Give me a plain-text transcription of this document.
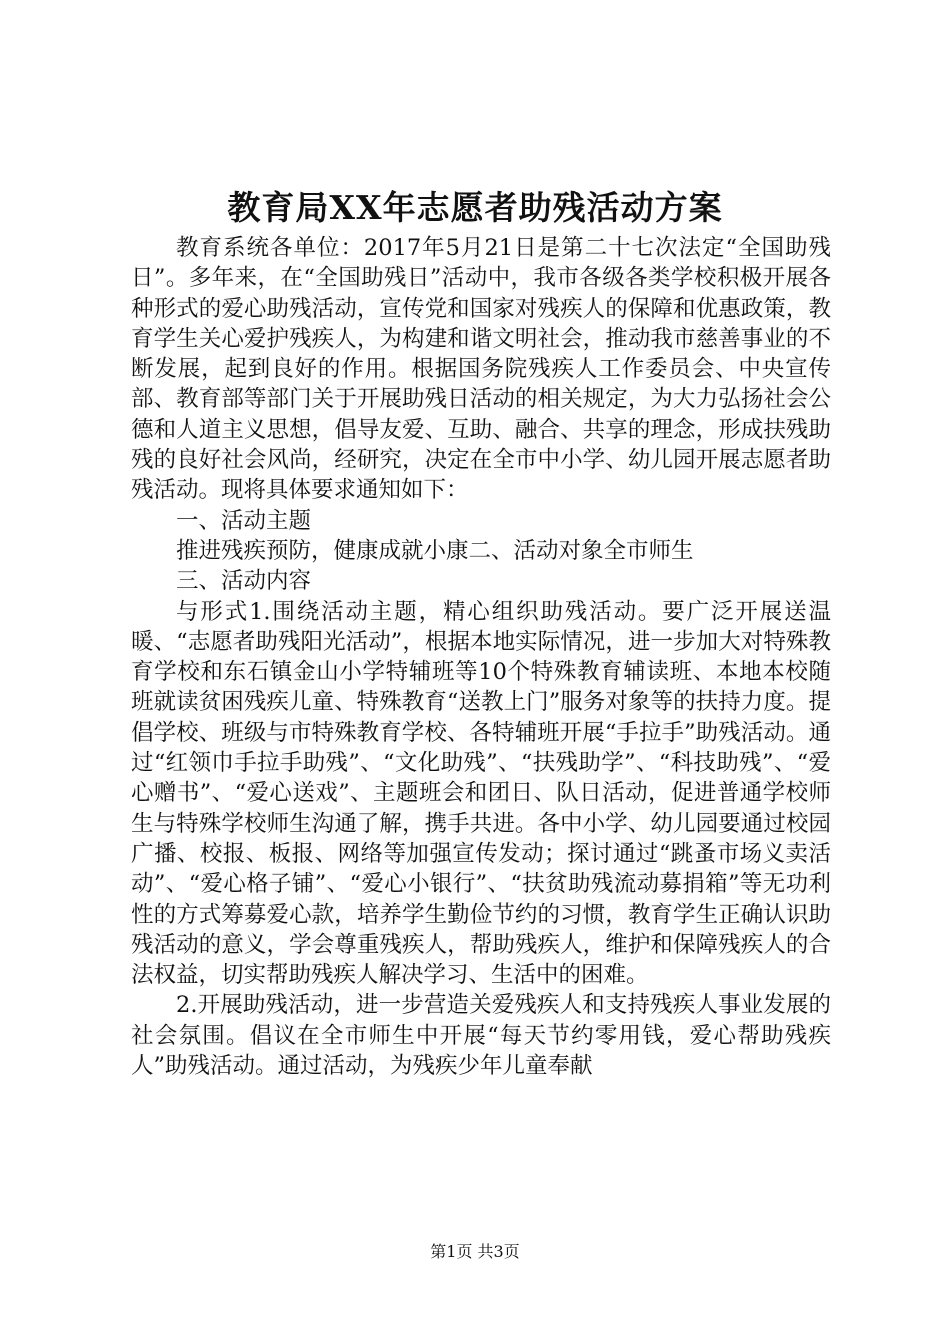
教育局XX年志愿者助残活动方案

教育系统各单位：2017年5月21日是第二十七次法定“全国助残日”。多年来，在“全国助残日”活动中，我市各级各类学校积极开展各种形式的爱心助残活动，宣传党和国家对残疾人的保障和优惠政策，教育学生关心爱护残疾人，为构建和谐文明社会，推动我市慈善事业的不断发展，起到良好的作用。根据国务院残疾人工作委员会、中央宣传部、教育部等部门关于开展助残日活动的相关规定，为大力弘扬社会公德和人道主义思想，倡导友爱、互助、融合、共享的理念，形成扶残助残的良好社会风尚，经研究，决定在全市中小学、幼儿园开展志愿者助残活动。现将具体要求通知如下：

一、活动主题

推进残疾预防，健康成就小康二、活动对象全市师生

三、活动内容

与形式1.围绕活动主题，精心组织助残活动。要广泛开展送温暖、“志愿者助残阳光活动”，根据本地实际情况，进一步加大对特殊教育学校和东石镇金山小学特辅班等10个特殊教育辅读班、本地本校随班就读贫困残疾儿童、特殊教育“送教上门”服务对象等的扶持力度。提倡学校、班级与市特殊教育学校、各特辅班开展“手拉手”助残活动。通过“红领巾手拉手助残”、“文化助残”、“扶残助学”、“科技助残”、“爱心赠书”、“爱心送戏”、主题班会和团日、队日活动，促进普通学校师生与特殊学校师生沟通了解，携手共进。各中小学、幼儿园要通过校园广播、校报、板报、网络等加强宣传发动；探讨通过“跳蚤市场义卖活动”、“爱心格子铺”、“爱心小银行”、“扶贫助残流动募捐箱”等无功利性的方式筹募爱心款，培养学生勤俭节约的习惯，教育学生正确认识助残活动的意义，学会尊重残疾人，帮助残疾人，维护和保障残疾人的合法权益，切实帮助残疾人解决学习、生活中的困难。

2.开展助残活动，进一步营造关爱残疾人和支持残疾人事业发展的社会氛围。倡议在全市师生中开展“每天节约零用钱，爱心帮助残疾人”助残活动。通过活动，为残疾少年儿童奉献

第1页 共3页
